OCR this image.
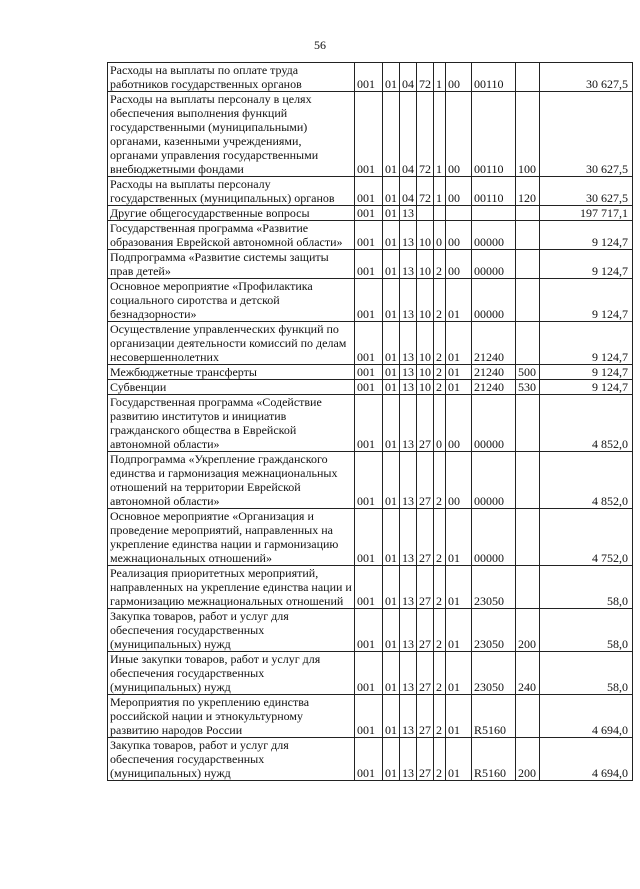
56
Расходы на выплаты по оплате труда работников государственных органов	001	01	04	72	1	00	00110		30 627,5
Расходы на выплаты персоналу в целях обеспечения выполнения функций государственными (муниципальными) органами, казенными учреждениями, органами управления государственными внебюджетными фондами	001	01	04	72	1	00	00110	100	30 627,5
Расходы на выплаты персоналу государственных (муниципальных) органов	001	01	04	72	1	00	00110	120	30 627,5
Другие общегосударственные вопросы	001	01	13						197 717,1
Государственная программа «Развитие образования Еврейской автономной области»	001	01	13	10	0	00	00000		9 124,7
Подпрограмма «Развитие системы защиты прав детей»	001	01	13	10	2	00	00000		9 124,7
Основное мероприятие «Профилактика социального сиротства и детской безнадзорности»	001	01	13	10	2	01	00000		9 124,7
Осуществление управленческих функций по организации деятельности комиссий по делам несовершеннолетних	001	01	13	10	2	01	21240		9 124,7
Межбюджетные трансферты	001	01	13	10	2	01	21240	500	9 124,7
Субвенции	001	01	13	10	2	01	21240	530	9 124,7
Государственная программа «Содействие развитию институтов и инициатив гражданского общества в Еврейской автономной области»	001	01	13	27	0	00	00000		4 852,0
Подпрограмма «Укрепление гражданского единства и гармонизация межнациональных отношений на территории Еврейской автономной области»	001	01	13	27	2	00	00000		4 852,0
Основное мероприятие «Организация и проведение мероприятий, направленных на укрепление единства нации и гармонизацию межнациональных отношений»	001	01	13	27	2	01	00000		4 752,0
Реализация приоритетных мероприятий, направленных на укрепление единства нации и гармонизацию межнациональных отношений	001	01	13	27	2	01	23050		58,0
Закупка товаров, работ и услуг для обеспечения государственных (муниципальных) нужд	001	01	13	27	2	01	23050	200	58,0
Иные закупки товаров, работ и услуг для обеспечения государственных (муниципальных) нужд	001	01	13	27	2	01	23050	240	58,0
Мероприятия по укреплению единства российской нации и этнокультурному развитию народов России	001	01	13	27	2	01	R5160		4 694,0
Закупка товаров, работ и услуг для обеспечения государственных (муниципальных) нужд	001	01	13	27	2	01	R5160	200	4 694,0
